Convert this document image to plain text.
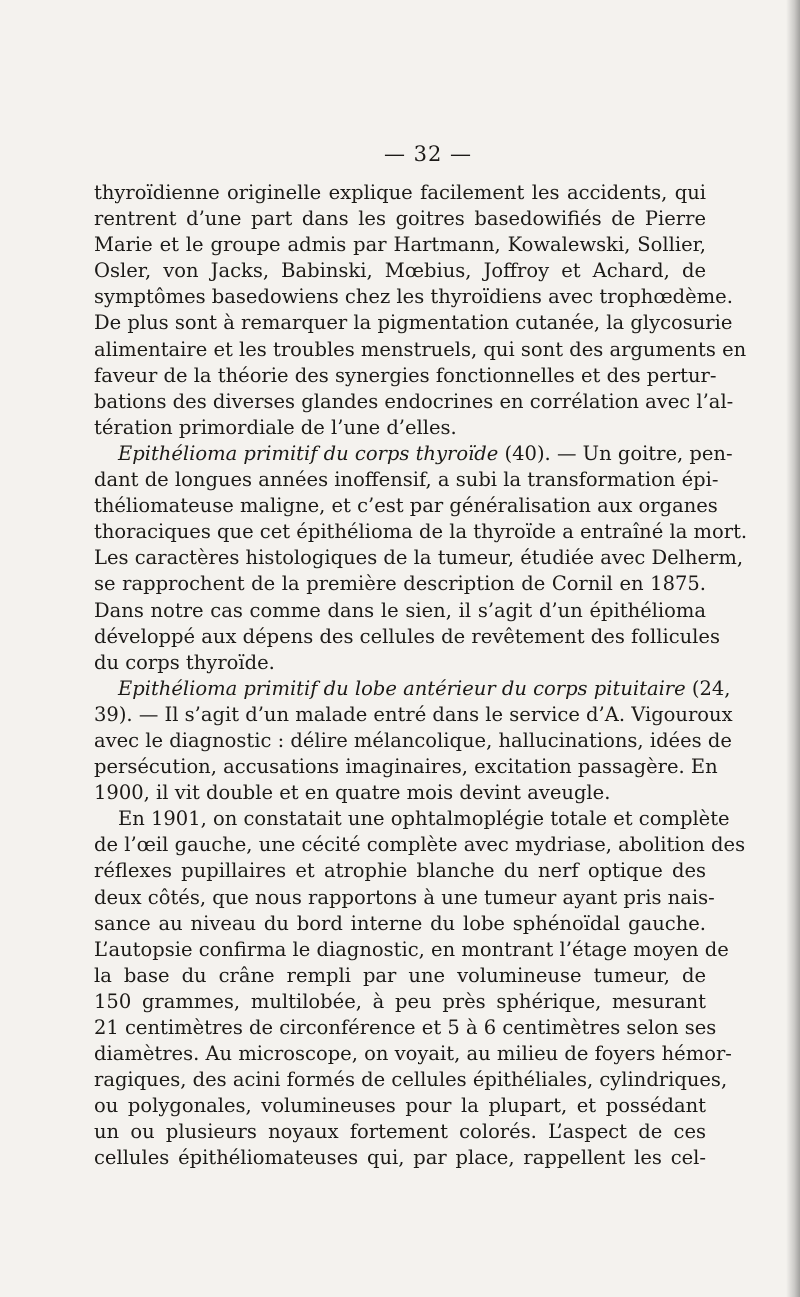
— 32 —
thyroïdienne originelle explique facilement les accidents, qui
rentrent d’une part dans les goitres basedowifiés de Pierre
Marie et le groupe admis par Hartmann, Kowalewski, Sollier,
Osler, von Jacks, Babinski, Mœbius, Joffroy et Achard, de
symptômes basedowiens chez les thyroïdiens avec trophœdème.
De plus sont à remarquer la pigmentation cutanée, la glycosurie
alimentaire et les troubles menstruels, qui sont des arguments en
faveur de la théorie des synergies fonctionnelles et des pertur-
bations des diverses glandes endocrines en corrélation avec l’al-
tération primordiale de l’une d’elles.
Epithélioma primitif du corps thyroïde (40). — Un goitre, pen-
dant de longues années inoffensif, a subi la transformation épi-
théliomateuse maligne, et c’est par généralisation aux organes
thoraciques que cet épithélioma de la thyroïde a entraîné la mort.
Les caractères histologiques de la tumeur, étudiée avec Delherm,
se rapprochent de la première description de Cornil en 1875.
Dans notre cas comme dans le sien, il s’agit d’un épithélioma
développé aux dépens des cellules de revêtement des follicules
du corps thyroïde.
Epithélioma primitif du lobe antérieur du corps pituitaire (24,
39). — Il s’agit d’un malade entré dans le service d’A. Vigouroux
avec le diagnostic : délire mélancolique, hallucinations, idées de
persécution, accusations imaginaires, excitation passagère. En
1900, il vit double et en quatre mois devint aveugle.
En 1901, on constatait une ophtalmoplégie totale et complète
de l’œil gauche, une cécité complète avec mydriase, abolition des
réflexes pupillaires et atrophie blanche du nerf optique des
deux côtés, que nous rapportons à une tumeur ayant pris nais-
sance au niveau du bord interne du lobe sphénoïdal gauche.
L’autopsie confirma le diagnostic, en montrant l’étage moyen de
la base du crâne rempli par une volumineuse tumeur, de
150 grammes, multilobée, à peu près sphérique, mesurant
21 centimètres de circonférence et 5 à 6 centimètres selon ses
diamètres. Au microscope, on voyait, au milieu de foyers hémor-
ragiques, des acini formés de cellules épithéliales, cylindriques,
ou polygonales, volumineuses pour la plupart, et possédant
un ou plusieurs noyaux fortement colorés. L’aspect de ces
cellules épithéliomateuses qui, par place, rappellent les cel-
